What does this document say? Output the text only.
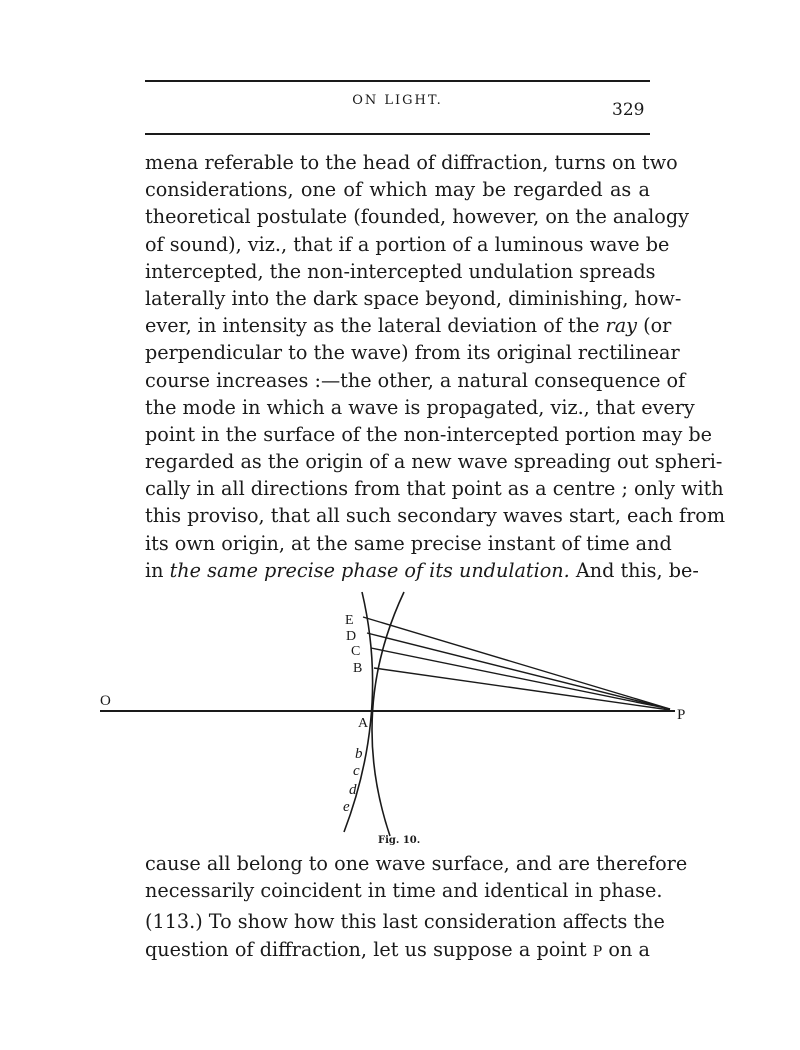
ON LIGHT.	329
mena referable to the head of diffraction, turns on two
considerations, one of which may be regarded as a
theoretical postulate (founded, however, on the analogy
of sound), viz., that if a portion of a luminous wave be
intercepted, the non-intercepted undulation spreads
laterally into the dark space beyond, diminishing, how-
ever, in intensity as the lateral deviation of the ray (or
perpendicular to the wave) from its original rectilinear
course increases :—the other, a natural consequence of
the mode in which a wave is propagated, viz., that every
point in the surface of the non-intercepted portion may be
regarded as the origin of a new wave spreading out spheri-
cally in all directions from that point as a centre ; only with
this proviso, that all such secondary waves start, each from
its own origin, at the same precise instant of time and
in the same precise phase of its undulation. And this, be-
E
D
C
B
A
O
P
b
c
d
e
Fig. 10.
cause all belong to one wave surface, and are therefore
necessarily coincident in time and identical in phase.
(113.) To show how this last consideration affects the
question of diffraction, let us suppose a point P on a
